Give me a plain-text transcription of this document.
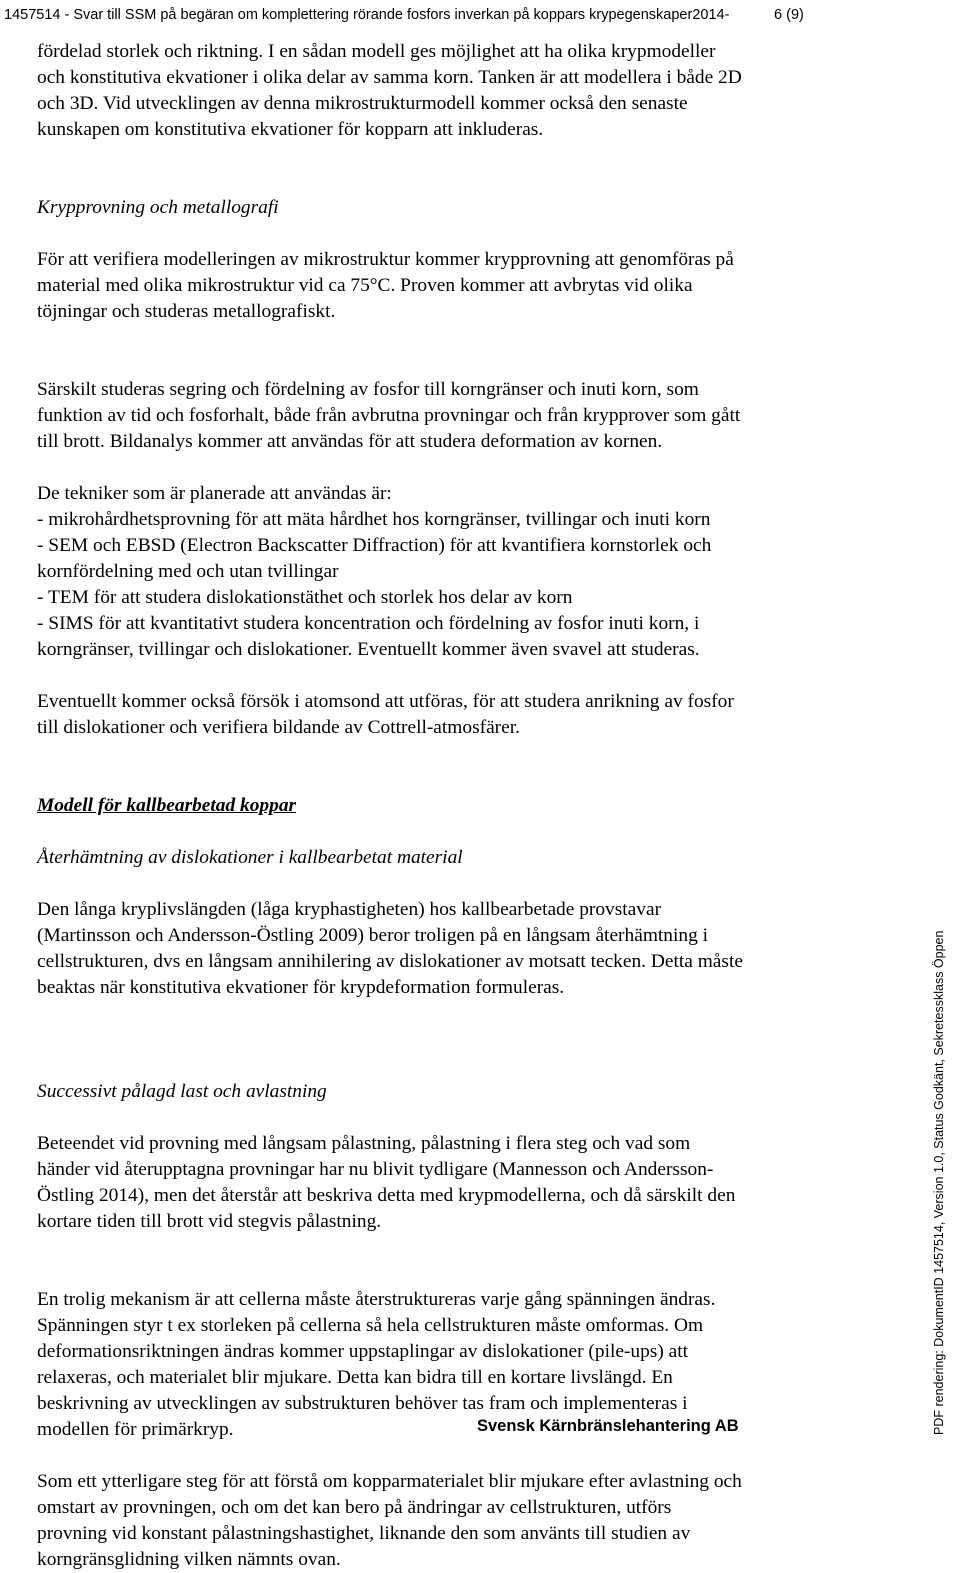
1457514 - Svar till SSM på begäran om komplettering rörande fosfors inverkan på koppars krypegenskaper2014-	6 (9)

fördelad storlek och riktning. I en sådan modell ges möjlighet att ha olika krypmodeller
och konstitutiva ekvationer i olika delar av samma korn. Tanken är att modellera i både 2D
och 3D. Vid utvecklingen av denna mikrostrukturmodell kommer också den senaste
kunskapen om konstitutiva ekvationer för kopparn att inkluderas.

Krypprovning och metallografi

För att verifiera modelleringen av mikrostruktur kommer krypprovning att genomföras på
material med olika mikrostruktur vid ca 75°C. Proven kommer att avbrytas vid olika
töjningar och studeras metallografiskt.

Särskilt studeras segring och fördelning av fosfor till korngränser och inuti korn, som
funktion av tid och fosforhalt, både från avbrutna provningar och från krypprover som gått
till brott. Bildanalys kommer att användas för att studera deformation av kornen.

De tekniker som är planerade att användas är:
- mikrohårdhetsprovning för att mäta hårdhet hos korngränser, tvillingar och inuti korn
- SEM och EBSD (Electron Backscatter Diffraction) för att kvantifiera kornstorlek och
kornfördelning med och utan tvillingar
- TEM för att studera dislokationstäthet och storlek hos delar av korn
- SIMS för att kvantitativt studera koncentration och fördelning av fosfor inuti korn, i
korngränser, tvillingar och dislokationer. Eventuellt kommer även svavel att studeras.

Eventuellt kommer också försök i atomsond att utföras, för att studera anrikning av fosfor
till dislokationer och verifiera bildande av Cottrell-atmosfärer.

Modell för kallbearbetad koppar

Återhämtning av dislokationer i kallbearbetat material

Den långa kryplivslängden (låga kryphastigheten) hos kallbearbetade provstavar
(Martinsson och Andersson-Östling 2009) beror troligen på en långsam återhämtning i
cellstrukturen, dvs en långsam annihilering av dislokationer av motsatt tecken. Detta måste
beaktas när konstitutiva ekvationer för krypdeformation formuleras.

Successivt pålagd last och avlastning

Beteendet vid provning med långsam pålastning, pålastning i flera steg och vad som
händer vid återupptagna provningar har nu blivit tydligare (Mannesson och Andersson-
Östling 2014), men det återstår att beskriva detta med krypmodellerna, och då särskilt den
kortare tiden till brott vid stegvis pålastning.

En trolig mekanism är att cellerna måste återstruktureras varje gång spänningen ändras.
Spänningen styr t ex storleken på cellerna så hela cellstrukturen måste omformas. Om
deformationsriktningen ändras kommer uppstaplingar av dislokationer (pile-ups) att
relaxeras, och materialet blir mjukare. Detta kan bidra till en kortare livslängd. En
beskrivning av utvecklingen av substrukturen behöver tas fram och implementeras i
modellen för primärkryp.

Som ett ytterligare steg för att förstå om kopparmaterialet blir mjukare efter avlastning och
omstart av provningen, och om det kan bero på ändringar av cellstrukturen, utförs
provning vid konstant pålastningshastighet, liknande den som använts till studien av
korngränsglidning vilken nämnts ovan.

PDF rendering: DokumentID 1457514, Version 1.0, Status Godkänt, Sekretessklass Öppen
Svensk Kärnbränslehantering AB
